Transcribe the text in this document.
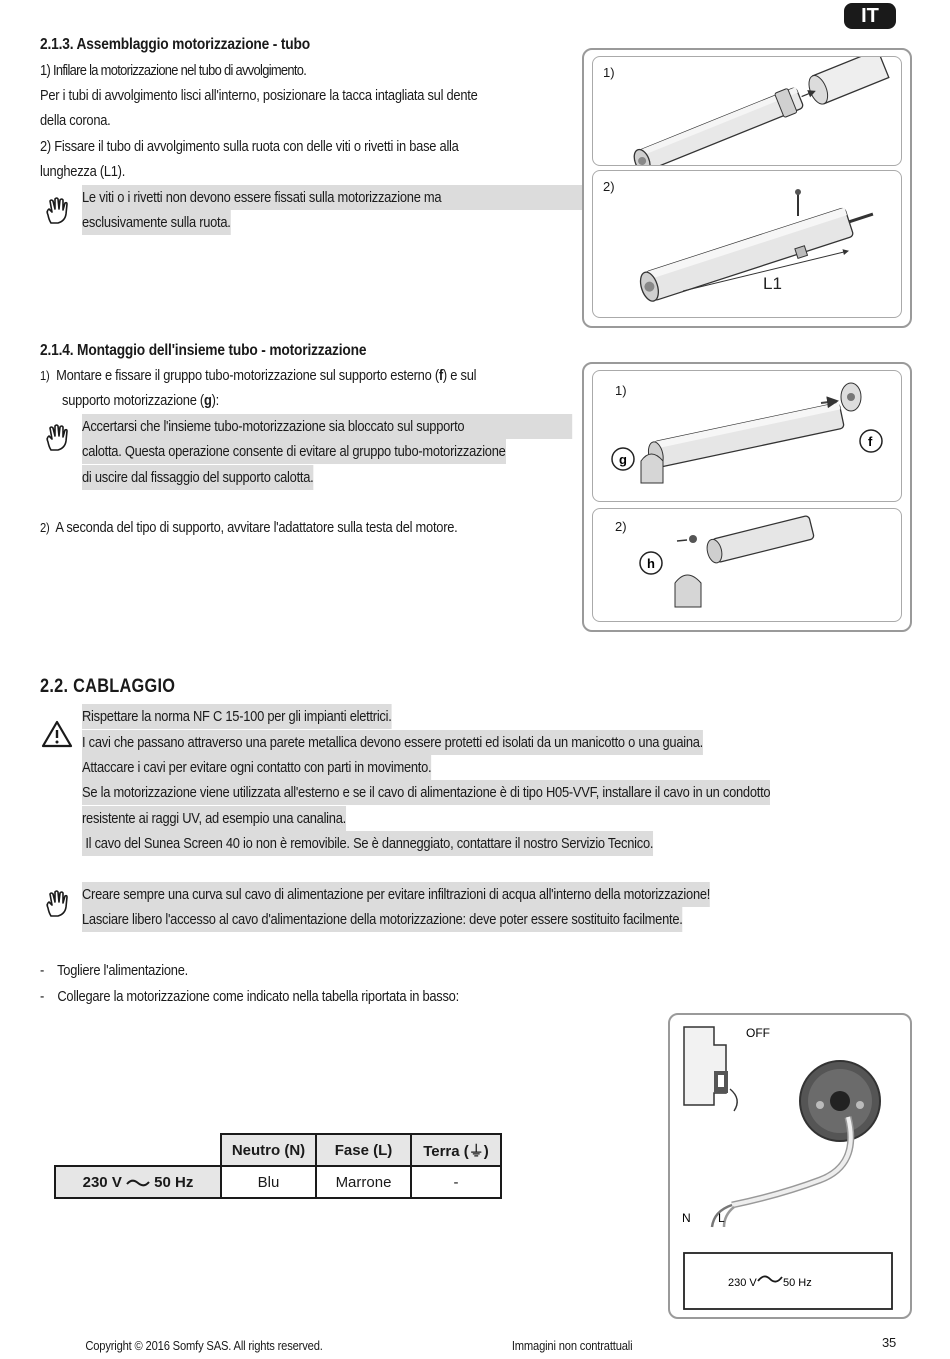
IT
2.1.3. Assemblaggio motorizzazione - tubo
1) Infilare la motorizzazione nel tubo di avvolgimento.
Per i tubi di avvolgimento lisci all'interno, posizionare la tacca intagliata sul dente
della corona.
2) Fissare il tubo di avvolgimento sulla ruota con delle viti o rivetti in base alla
lunghezza (L1).
Le viti o i rivetti non devono essere fissati sulla motorizzazione ma
esclusivamente sulla ruota.
1)
2)
L1
2.1.4. Montaggio dell'insieme tubo - motorizzazione
1) Montare e fissare il gruppo tubo-motorizzazione sul supporto esterno (f) e sul
supporto motorizzazione (g):
Accertarsi che l'insieme tubo-motorizzazione sia bloccato sul supporto
calotta. Questa operazione consente di evitare al gruppo tubo-motorizzazione
di uscire dal fissaggio del supporto calotta.
2) A seconda del tipo di supporto, avvitare l'adattatore sulla testa del motore.
1)
g
f
2)
h
2.2. CABLAGGIO
Rispettare la norma NF C 15-100 per gli impianti elettrici.
I cavi che passano attraverso una parete metallica devono essere protetti ed isolati da un manicotto o una guaina.
Attaccare i cavi per evitare ogni contatto con parti in movimento.
Se la motorizzazione viene utilizzata all'esterno e se il cavo di alimentazione è di tipo H05-VVF, installare il cavo in un condotto
resistente ai raggi UV, ad esempio una canalina.
Il cavo del Sunea Screen 40 io non è removibile. Se è danneggiato, contattare il nostro Servizio Tecnico.
Creare sempre una curva sul cavo di alimentazione per evitare infiltrazioni di acqua all'interno della motorizzazione!
Lasciare libero l'accesso al cavo d'alimentazione della motorizzazione: deve poter essere sostituito facilmente.
- Togliere l'alimentazione.
- Collegare la motorizzazione come indicato nella tabella riportata in basso:
	Neutro (N)	Fase (L)	Terra (⏚)
230 V 50 Hz	Blu	Marrone	-
OFF
N L
230 V 50 Hz
Copyright © 2016 Somfy SAS. All rights reserved.	Immagini non contrattuali	35
